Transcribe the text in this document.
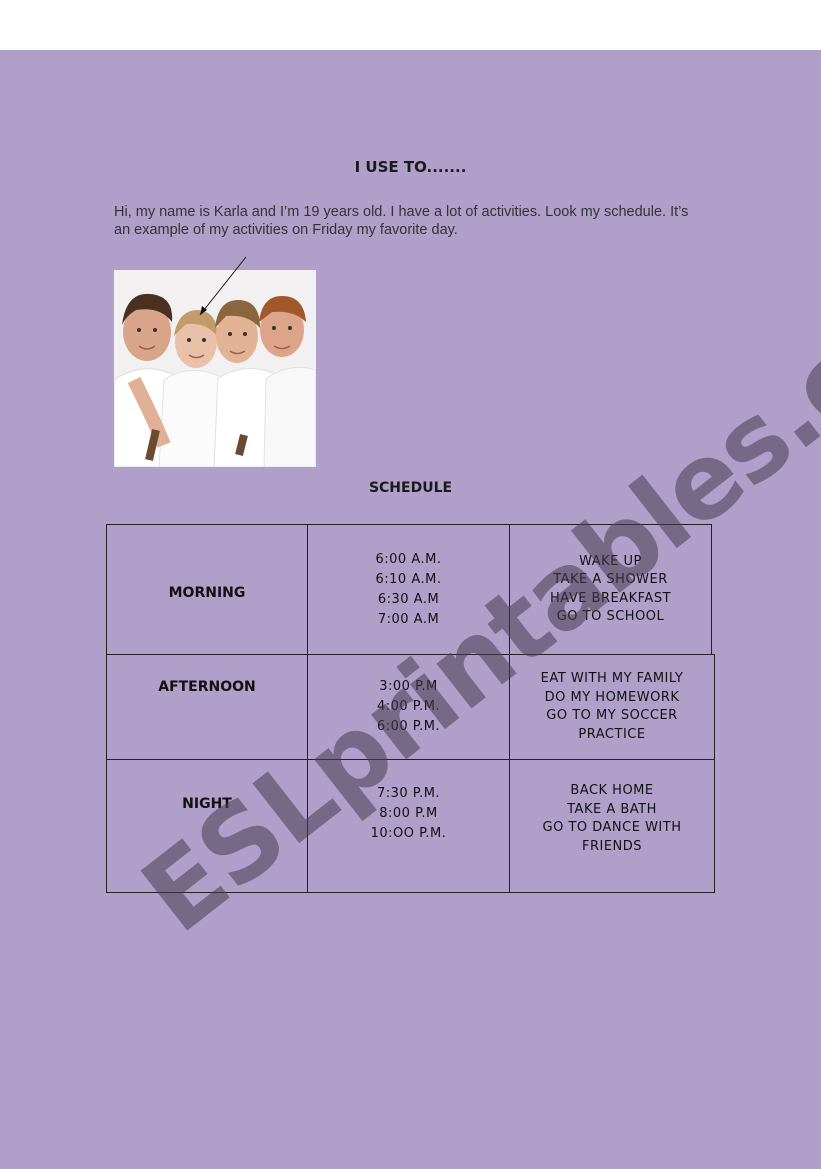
I USE TO.......

Hi, my name is Karla and I’m 19 years old. I have a lot of activities. Look my schedule. It’s an example of my activities on Friday my favorite day.

SCHEDULE
MORNING
6:00 A.M.
6:10 A.M.
6:30 A.M
7:00 A.M
WAKE UP
TAKE A SHOWER
HAVE BREAKFAST
GO TO SCHOOL
AFTERNOON	3:00 P.M
4:00 P.M.
6:00 P.M.
EAT WITH MY FAMILY
DO MY HOMEWORK
GO TO MY SOCCER
PRACTICE
NIGHT
7:30 P.M.
8:00 P.M
10:OO P.M.
BACK HOME
TAKE A BATH
GO TO DANCE WITH
FRIENDS
